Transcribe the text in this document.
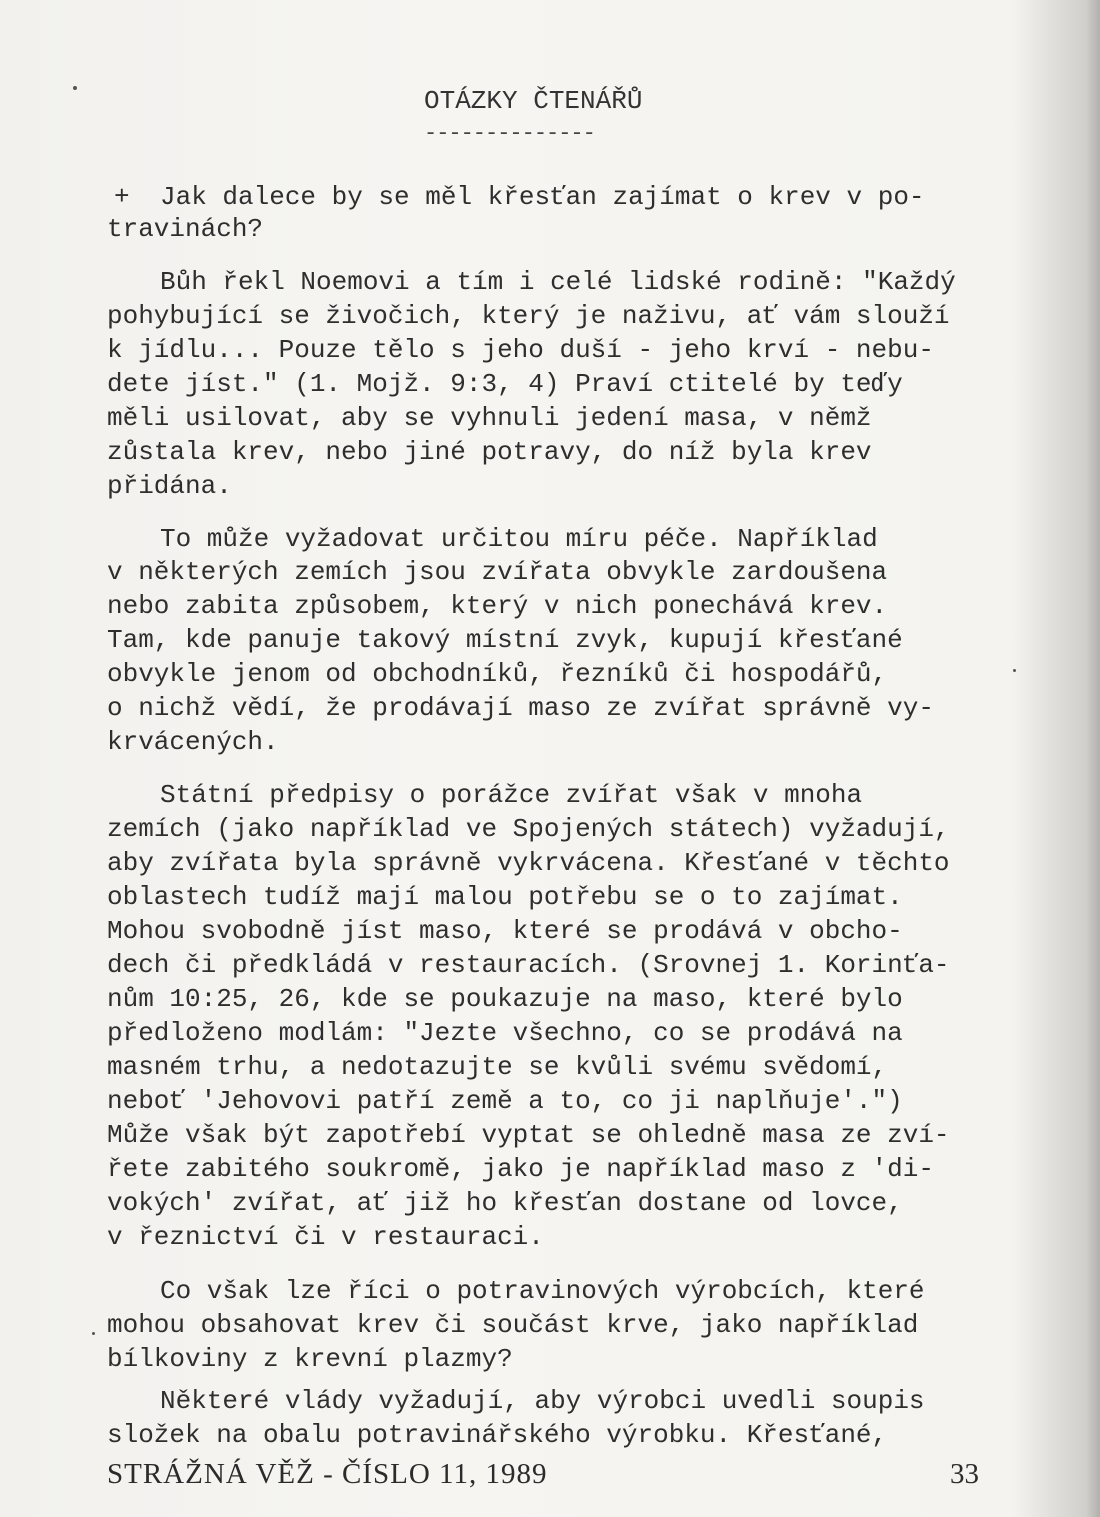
OTÁZKY ČTENÁŘŮ
--------------
+ Jak dalece by se měl křesťan zajímat o krev v po-
travinách?
Bůh řekl Noemovi a tím i celé lidské rodině: "Každý
pohybující se živočich, který je naživu, ať vám slouží
k jídlu... Pouze tělo s jeho duší - jeho krví - nebu-
dete jíst." (1. Mojž. 9:3, 4) Praví ctitelé by teďy
měli usilovat, aby se vyhnuli jedení masa, v němž
zůstala krev, nebo jiné potravy, do níž byla krev
přidána.
To může vyžadovat určitou míru péče. Například
v některých zemích jsou zvířata obvykle zardoušena
nebo zabita způsobem, který v nich ponechává krev.
Tam, kde panuje takový místní zvyk, kupují křesťané
obvykle jenom od obchodníků, řezníků či hospodářů,
o nichž vědí, že prodávají maso ze zvířat správně vy-
krvácených.
Státní předpisy o porážce zvířat však v mnoha
zemích (jako například ve Spojených státech) vyžadují,
aby zvířata byla správně vykrvácena. Křesťané v těchto
oblastech tudíž mají malou potřebu se o to zajímat.
Mohou svobodně jíst maso, které se prodává v obcho-
dech či předkládá v restauracích. (Srovnej 1. Korinťa-
nům 10:25, 26, kde se poukazuje na maso, které bylo
předloženo modlám: "Jezte všechno, co se prodává na
masném trhu, a nedotazujte se kvůli svému svědomí,
neboť 'Jehovovi patří země a to, co ji naplňuje'.")
Může však být zapotřebí vyptat se ohledně masa ze zví-
řete zabitého soukromě, jako je například maso z 'di-
vokých' zvířat, ať již ho křesťan dostane od lovce,
v řeznictví či v restauraci.
Co však lze říci o potravinových výrobcích, které
mohou obsahovat krev či součást krve, jako například
bílkoviny z krevní plazmy?
Některé vlády vyžadují, aby výrobci uvedli soupis
složek na obalu potravinářského výrobku. Křesťané,
STRÁŽNÁ VĚŽ - ČÍSLO 11, 1989	33
